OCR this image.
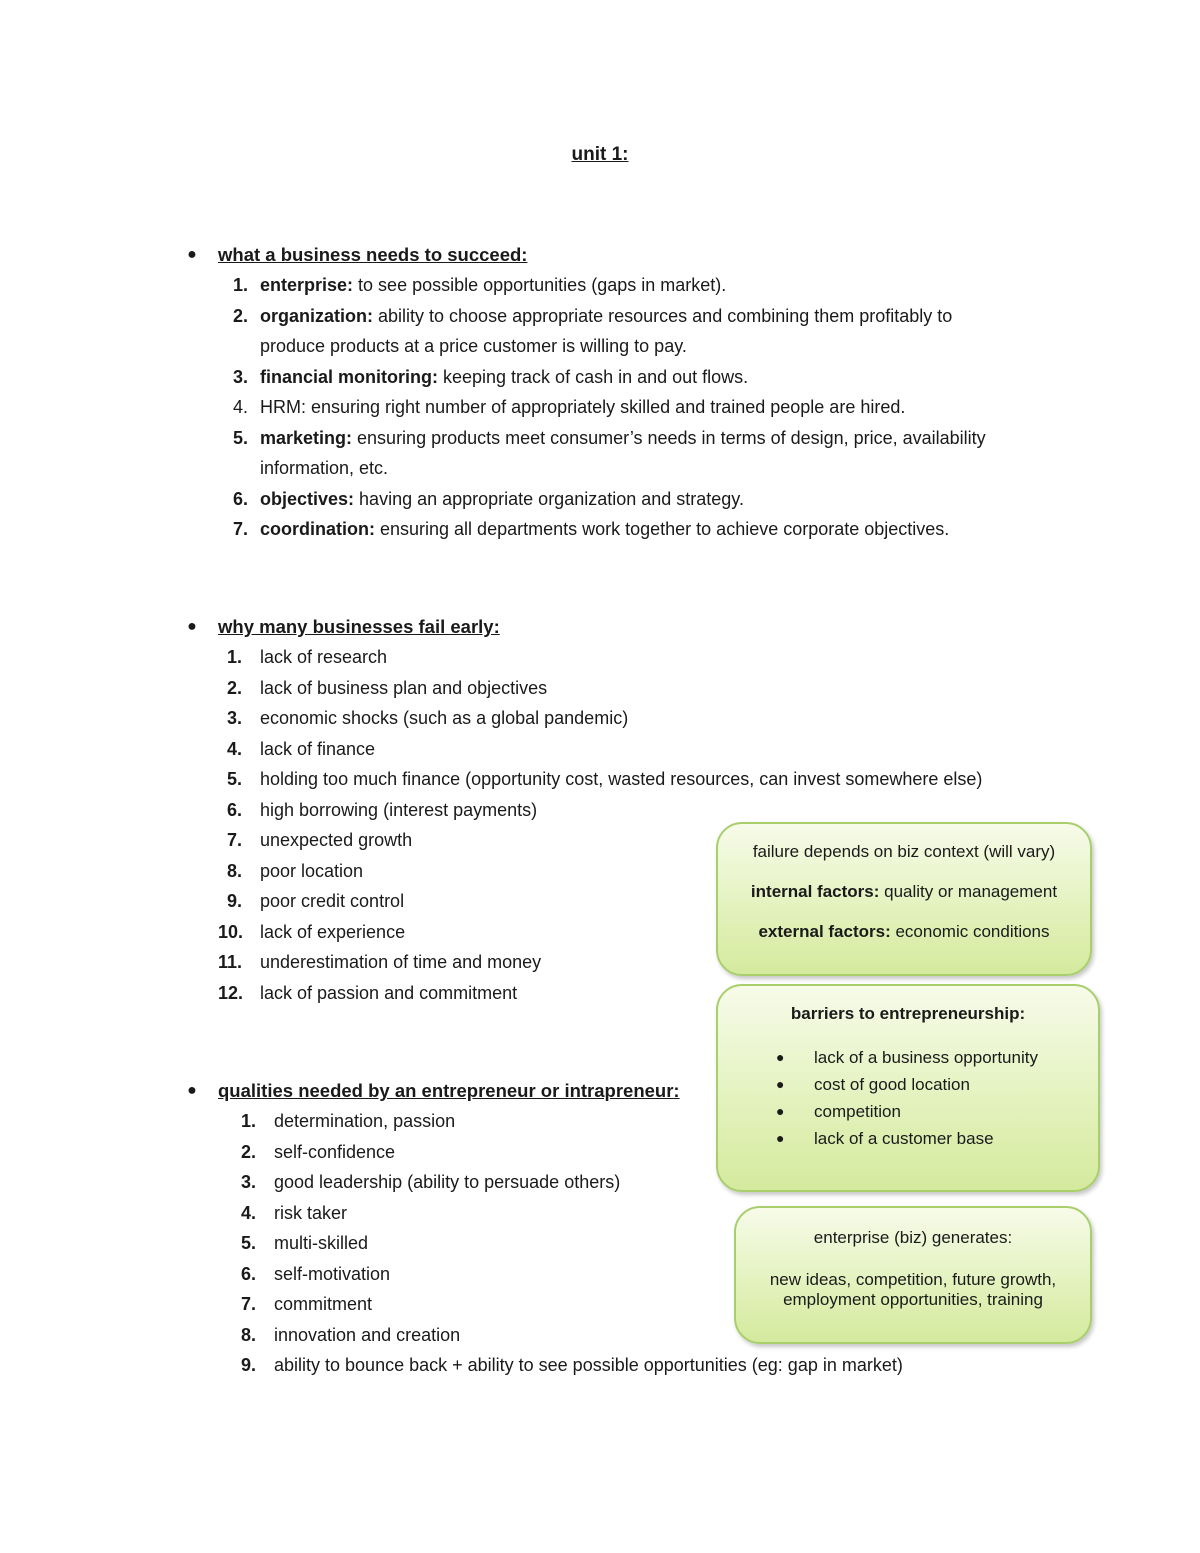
unit 1:
● what a business needs to succeed:
1. enterprise: to see possible opportunities (gaps in market).
2. organization: ability to choose appropriate resources and combining them profitably to
produce products at a price customer is willing to pay.
3. financial monitoring: keeping track of cash in and out flows.
4. HRM: ensuring right number of appropriately skilled and trained people are hired.
5. marketing: ensuring products meet consumer’s needs in terms of design, price, availability
information, etc.
6. objectives: having an appropriate organization and strategy.
7. coordination: ensuring all departments work together to achieve corporate objectives.
● why many businesses fail early:
1. lack of research
2. lack of business plan and objectives
3. economic shocks (such as a global pandemic)
4. lack of finance
5. holding too much finance (opportunity cost, wasted resources, can invest somewhere else)
6. high borrowing (interest payments)
7. unexpected growth
8. poor location
9. poor credit control
10. lack of experience
11. underestimation of time and money
12. lack of passion and commitment
● qualities needed by an entrepreneur or intrapreneur:
1. determination, passion
2. self-confidence
3. good leadership (ability to persuade others)
4. risk taker
5. multi-skilled
6. self-motivation
7. commitment
8. innovation and creation
9. ability to bounce back + ability to see possible opportunities (eg: gap in market)

failure depends on biz context (will vary)

internal factors: quality or management

external factors: economic conditions

barriers to entrepreneurship:

● lack of a business opportunity
● cost of good location
● competition
● lack of a customer base

enterprise (biz) generates:

new ideas, competition, future growth,

employment opportunities, training
